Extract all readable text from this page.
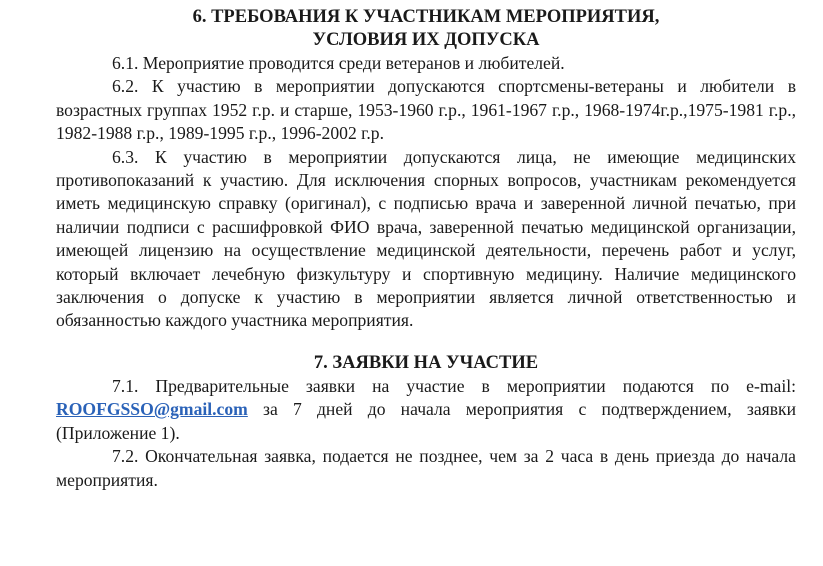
6. ТРЕБОВАНИЯ К УЧАСТНИКАМ МЕРОПРИЯТИЯ,
УСЛОВИЯ ИХ ДОПУСКА

6.1. Мероприятие проводится среди ветеранов и любителей.

6.2. К участию в мероприятии допускаются спортсмены-ветераны и любители в возрастных группах 1952 г.р. и старше, 1953-1960 г.р., 1961-1967 г.р., 1968-1974г.р.,1975-1981 г.р., 1982-1988 г.р., 1989-1995 г.р., 1996-2002 г.р.

6.3. К участию в мероприятии допускаются лица, не имеющие медицинских противопоказаний к участию. Для исключения спорных вопросов, участникам рекомендуется иметь медицинскую справку (оригинал), с подписью врача и заверенной личной печатью, при наличии подписи с расшифровкой ФИО врача, заверенной печатью медицинской организации, имеющей лицензию на осуществление медицинской деятельности, перечень работ и услуг, который включает лечебную физкультуру и спортивную медицину. Наличие медицинского заключения о допуске к участию в мероприятии является личной ответственностью и обязанностью каждого участника мероприятия.

7. ЗАЯВКИ НА УЧАСТИЕ

7.1. Предварительные заявки на участие в мероприятии подаются по e-mail: ROOFGSSO@gmail.com за 7 дней до начала мероприятия с подтверждением, заявки (Приложение 1).

7.2. Окончательная заявка, подается не позднее, чем за 2 часа в день приезда до начала мероприятия.
